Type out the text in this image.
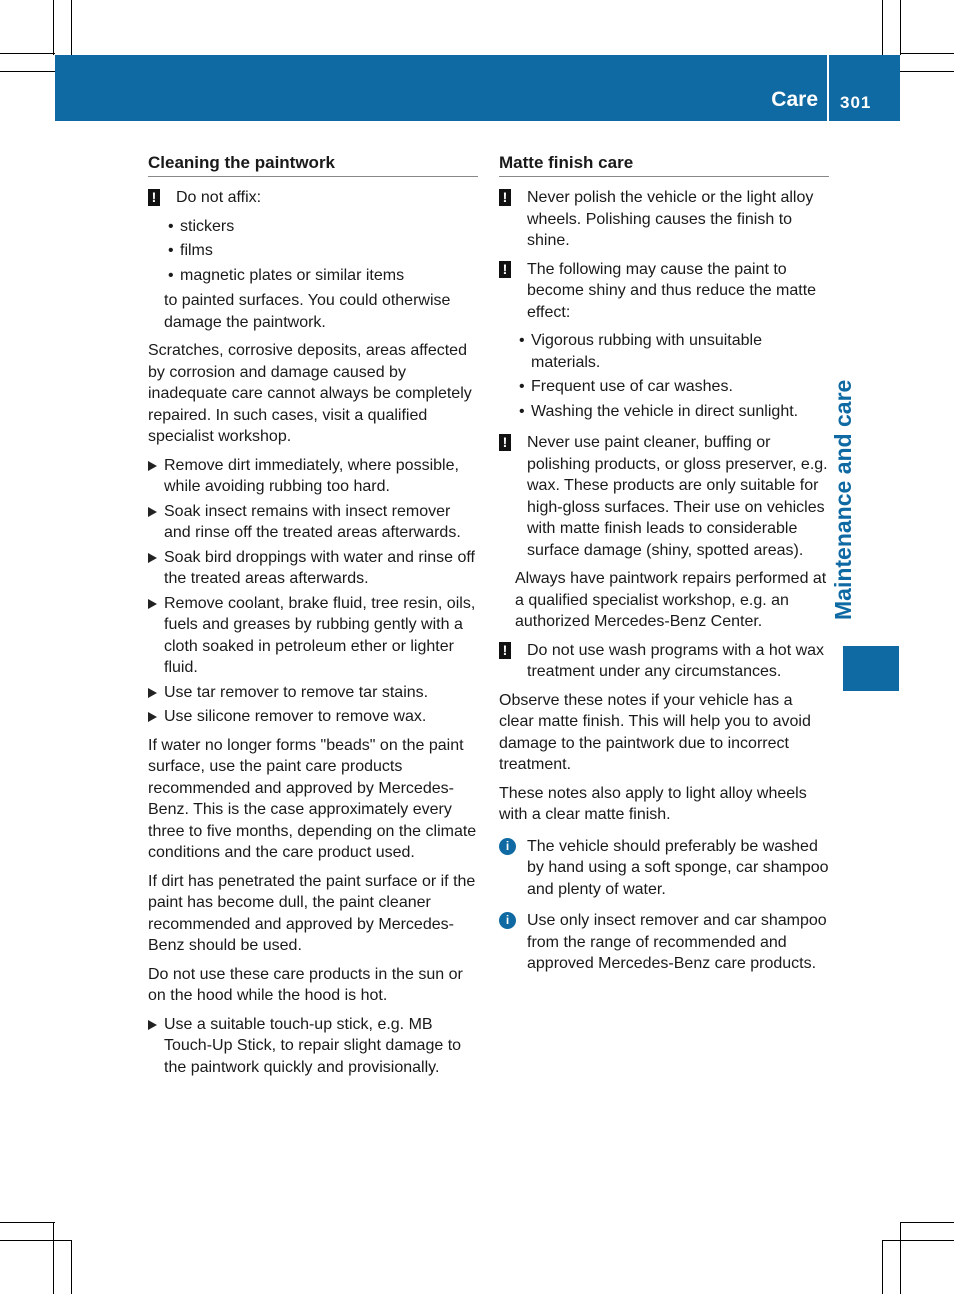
Care 301
Maintenance and care
Cleaning the paintwork
! Do not affix:
• stickers
• films
• magnetic plates or similar items

to painted surfaces. You could otherwise damage the paintwork.

Scratches, corrosive deposits, areas affected by corrosion and damage caused by inadequate care cannot always be completely repaired. In such cases, visit a qualified specialist workshop.

Remove dirt immediately, where possible, while avoiding rubbing too hard.
Soak insect remains with insect remover and rinse off the treated areas afterwards.
Soak bird droppings with water and rinse off the treated areas afterwards.
Remove coolant, brake fluid, tree resin, oils, fuels and greases by rubbing gently with a cloth soaked in petroleum ether or lighter fluid.
Use tar remover to remove tar stains.
Use silicone remover to remove wax.

If water no longer forms "beads" on the paint surface, use the paint care products recommended and approved by Mercedes-Benz. This is the case approximately every three to five months, depending on the climate conditions and the care product used.

If dirt has penetrated the paint surface or if the paint has become dull, the paint cleaner recommended and approved by Mercedes-Benz should be used.

Do not use these care products in the sun or on the hood while the hood is hot.

Use a suitable touch-up stick, e.g. MB Touch-Up Stick, to repair slight damage to the paintwork quickly and provisionally.
Matte finish care
!	Never polish the vehicle or the light alloy wheels. Polishing causes the finish to shine.
!	The following may cause the paint to become shiny and thus reduce the matte effect:
• Vigorous rubbing with unsuitable materials.
• Frequent use of car washes.
• Washing the vehicle in direct sunlight.
!	Never use paint cleaner, buffing or polishing products, or gloss preserver, e.g. wax. These products are only suitable for high-gloss surfaces. Their use on vehicles with matte finish leads to considerable surface damage (shiny, spotted areas).

Always have paintwork repairs performed at a qualified specialist workshop, e.g. an authorized Mercedes-Benz Center.

!	Do not use wash programs with a hot wax treatment under any circumstances.

Observe these notes if your vehicle has a clear matte finish. This will help you to avoid damage to the paintwork due to incorrect treatment.

These notes also apply to light alloy wheels with a clear matte finish.

i	The vehicle should preferably be washed by hand using a soft sponge, car shampoo and plenty of water.
i	Use only insect remover and car shampoo from the range of recommended and approved Mercedes-Benz care products.
